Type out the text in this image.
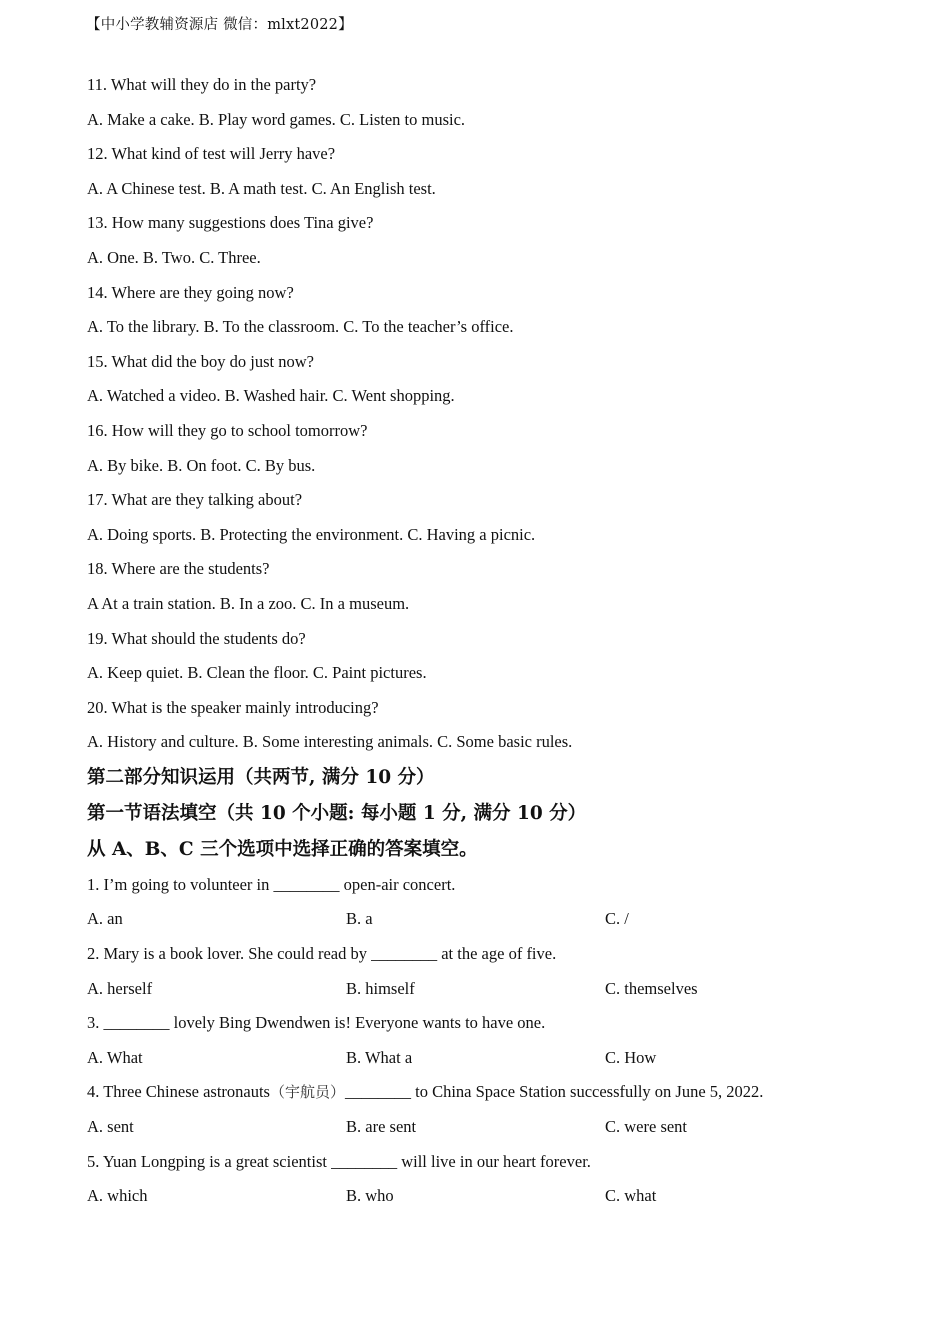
【中小学教辅资源店 微信：mlxt2022】
11. What will they do in the party?
A. Make a cake. B. Play word games. C. Listen to music.
12. What kind of test will Jerry have?
A. A Chinese test. B. A math test. C. An English test.
13. How many suggestions does Tina give?
A. One. B. Two. C. Three.
14. Where are they going now?
A. To the library. B. To the classroom. C. To the teacher’s office.
15. What did the boy do just now?
A. Watched a video. B. Washed hair. C. Went shopping.
16. How will they go to school tomorrow?
A. By bike. B. On foot. C. By bus.
17. What are they talking about?
A. Doing sports. B. Protecting the environment. C. Having a picnic.
18. Where are the students?
A At a train station. B. In a zoo. C. In a museum.
19. What should the students do?
A. Keep quiet. B. Clean the floor. C. Paint pictures.
20. What is the speaker mainly introducing?
A. History and culture. B. Some interesting animals. C. Some basic rules.
第二部分知识运用（共两节, 满分 10 分）
第一节语法填空（共 10 个小题: 每小题 1 分, 满分 10 分）
从 A、B、C 三个选项中选择正确的答案填空。
1. I’m going to volunteer in ________ open-air concert.
A. an	B. a	C. /
2. Mary is a book lover. She could read by ________ at the age of five.
A. herself	B. himself	C. themselves
3. ________ lovely Bing Dwendwen is! Everyone wants to have one.
A. What	B. What a	C. How
4. Three Chinese astronauts（宇航员）________ to China Space Station successfully on June 5, 2022.
A. sent	B. are sent	C. were sent
5. Yuan Longping is a great scientist ________ will live in our heart forever.
A. which	B. who	C. what
